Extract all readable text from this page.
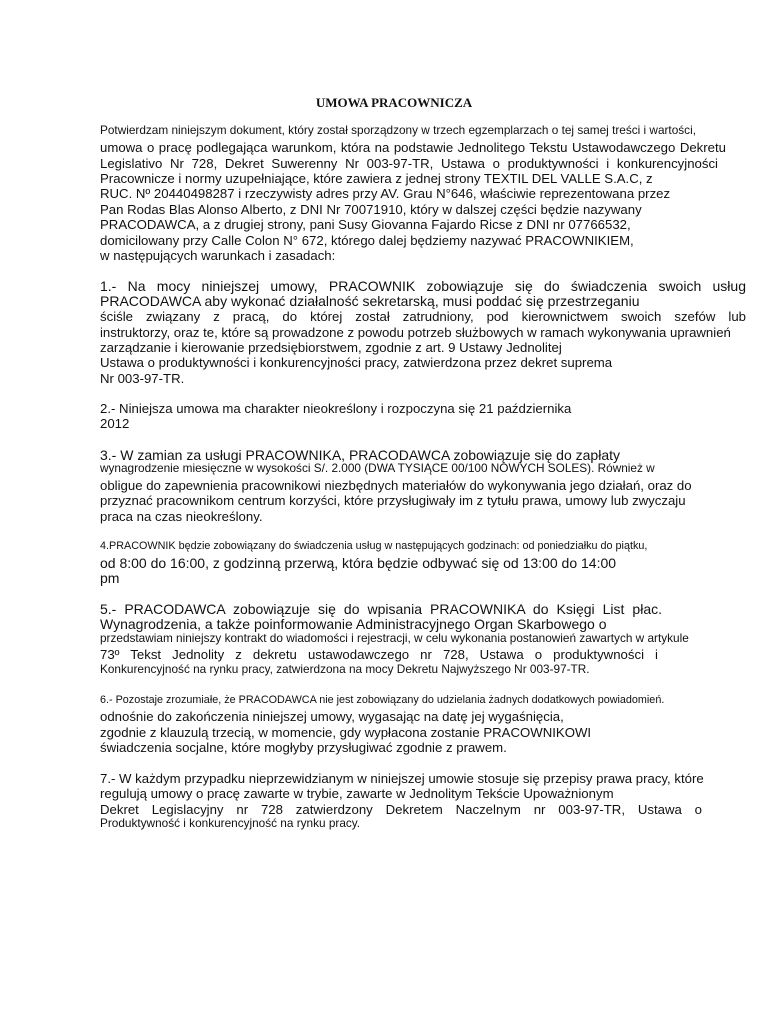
UMOWA PRACOWNICZA
Potwierdzam niniejszym dokument, który został sporządzony w trzech egzemplarzach o tej samej treści i wartości,
umowa o pracę podlegająca warunkom, która na podstawie Jednolitego Tekstu Ustawodawczego Dekretu
Legislativo Nr 728, Dekret Suwerenny Nr 003-97-TR, Ustawa o produktywności i konkurencyjności
Pracownicze i normy uzupełniające, które zawiera z jednej strony TEXTIL DEL VALLE S.A.C, z
RUC. Nº 20440498287 i rzeczywisty adres przy AV. Grau N°646, właściwie reprezentowana przez
Pan Rodas Blas Alonso Alberto, z DNI Nr 70071910, który w dalszej części będzie nazywany
PRACODAWCA, a z drugiej strony, pani Susy Giovanna Fajardo Ricse z DNI nr 07766532,
domicilowany przy Calle Colon N° 672, którego dalej będziemy nazywać PRACOWNIKIEM,
w następujących warunkach i zasadach:
1.- Na mocy niniejszej umowy, PRACOWNIK zobowiązuje się do świadczenia swoich usług
PRACODAWCA aby wykonać działalność sekretarską, musi poddać się przestrzeganiu
ściśle związany z pracą, do której został zatrudniony, pod kierownictwem swoich szefów lub
instruktorzy, oraz te, które są prowadzone z powodu potrzeb służbowych w ramach wykonywania uprawnień
zarządzanie i kierowanie przedsiębiorstwem, zgodnie z art. 9 Ustawy Jednolitej
Ustawa o produktywności i konkurencyjności pracy, zatwierdzona przez dekret suprema
Nr 003-97-TR.
2.- Niniejsza umowa ma charakter nieokreślony i rozpoczyna się 21 października
2012
3.- W zamian za usługi PRACOWNIKA, PRACODAWCA zobowiązuje się do zapłaty
wynagrodzenie miesięczne w wysokości S/. 2.000 (DWA TYSIĄCE 00/100 NOWYCH SOLES). Również w
obligue do zapewnienia pracownikowi niezbędnych materiałów do wykonywania jego działań, oraz do
przyznać pracownikom centrum korzyści, które przysługiwały im z tytułu prawa, umowy lub zwyczaju
praca na czas nieokreślony.
4.PRACOWNIK będzie zobowiązany do świadczenia usług w następujących godzinach: od poniedziałku do piątku,
od 8:00 do 16:00, z godzinną przerwą, która będzie odbywać się od 13:00 do 14:00
pm
5.- PRACODAWCA zobowiązuje się do wpisania PRACOWNIKA do Księgi List płac.
Wynagrodzenia, a także poinformowanie Administracyjnego Organ Skarbowego o
przedstawiam niniejszy kontrakt do wiadomości i rejestracji, w celu wykonania postanowień zawartych w artykule
73º Tekst Jednolity z dekretu ustawodawczego nr 728, Ustawa o produktywności i
Konkurencyjność na rynku pracy, zatwierdzona na mocy Dekretu Najwyższego Nr 003-97-TR.
6.- Pozostaje zrozumiałe, że PRACODAWCA nie jest zobowiązany do udzielania żadnych dodatkowych powiadomień.
odnośnie do zakończenia niniejszej umowy, wygasając na datę jej wygaśnięcia,
zgodnie z klauzulą trzecią, w momencie, gdy wypłacona zostanie PRACOWNIKOWI
świadczenia socjalne, które mogłyby przysługiwać zgodnie z prawem.
7.- W każdym przypadku nieprzewidzianym w niniejszej umowie stosuje się przepisy prawa pracy, które
regulują umowy o pracę zawarte w trybie, zawarte w Jednolitym Tekście Upoważnionym
Dekret Legislacyjny nr 728 zatwierdzony Dekretem Naczelnym nr 003-97-TR, Ustawa o
Produktywność i konkurencyjność na rynku pracy.
